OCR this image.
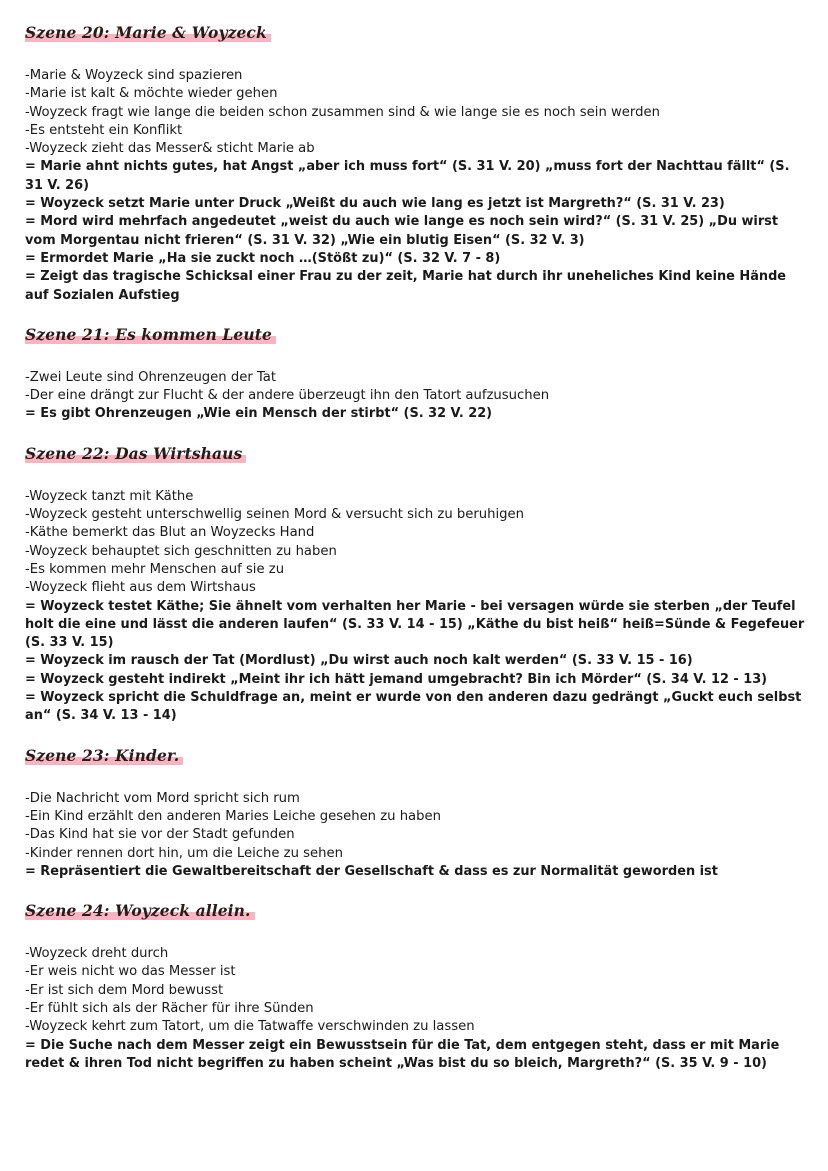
Szene 20: Marie & Woyzeck

-Marie & Woyzeck sind spazieren
-Marie ist kalt & möchte wieder gehen
-Woyzeck fragt wie lange die beiden schon zusammen sind & wie lange sie es noch sein werden
-Es entsteht ein Konflikt
-Woyzeck zieht das Messer& sticht Marie ab
= Marie ahnt nichts gutes, hat Angst „aber ich muss fort“ (S. 31 V. 20) „muss fort der Nachttau fällt“ (S. 31 V. 26)
= Woyzeck setzt Marie unter Druck „Weißt du auch wie lang es jetzt ist Margreth?“ (S. 31 V. 23)
= Mord wird mehrfach angedeutet „weist du auch wie lange es noch sein wird?“ (S. 31 V. 25) „Du wirst vom Morgentau nicht frieren“ (S. 31 V. 32) „Wie ein blutig Eisen“ (S. 32 V. 3)
= Ermordet Marie „Ha sie zuckt noch …(Stößt zu)“ (S. 32 V. 7 - 8)
= Zeigt das tragische Schicksal einer Frau zu der zeit, Marie hat durch ihr uneheliches Kind keine Hände auf Sozialen Aufstieg
Szene 21: Es kommen Leute

-Zwei Leute sind Ohrenzeugen der Tat
-Der eine drängt zur Flucht & der andere überzeugt ihn den Tatort aufzusuchen
= Es gibt Ohrenzeugen „Wie ein Mensch der stirbt“ (S. 32 V. 22)
Szene 22: Das Wirtshaus

-Woyzeck tanzt mit Käthe
-Woyzeck gesteht unterschwellig seinen Mord & versucht sich zu beruhigen
-Käthe bemerkt das Blut an Woyzecks Hand
-Woyzeck behauptet sich geschnitten zu haben
-Es kommen mehr Menschen auf sie zu
-Woyzeck flieht aus dem Wirtshaus
= Woyzeck testet Käthe; Sie ähnelt vom verhalten her Marie - bei versagen würde sie sterben „der Teufel holt die eine und lässt die anderen laufen“ (S. 33 V. 14 - 15) „Käthe du bist heiß“ heiß=Sünde & Fegefeuer (S. 33 V. 15)
= Woyzeck im rausch der Tat (Mordlust) „Du wirst auch noch kalt werden“ (S. 33 V. 15 - 16)
= Woyzeck gesteht indirekt „Meint ihr ich hätt jemand umgebracht? Bin ich Mörder“ (S. 34 V. 12 - 13)
= Woyzeck spricht die Schuldfrage an, meint er wurde von den anderen dazu gedrängt „Guckt euch selbst an“ (S. 34 V. 13 - 14)
Szene 23: Kinder.

-Die Nachricht vom Mord spricht sich rum
-Ein Kind erzählt den anderen Maries Leiche gesehen zu haben
-Das Kind hat sie vor der Stadt gefunden
-Kinder rennen dort hin, um die Leiche zu sehen
= Repräsentiert die Gewaltbereitschaft der Gesellschaft & dass es zur Normalität geworden ist
Szene 24: Woyzeck allein.

-Woyzeck dreht durch
-Er weis nicht wo das Messer ist
-Er ist sich dem Mord bewusst
-Er fühlt sich als der Rächer für ihre Sünden
-Woyzeck kehrt zum Tatort, um die Tatwaffe verschwinden zu lassen
= Die Suche nach dem Messer zeigt ein Bewusstsein für die Tat, dem entgegen steht, dass er mit Marie redet & ihren Tod nicht begriffen zu haben scheint „Was bist du so bleich, Margreth?“ (S. 35 V. 9 - 10)
